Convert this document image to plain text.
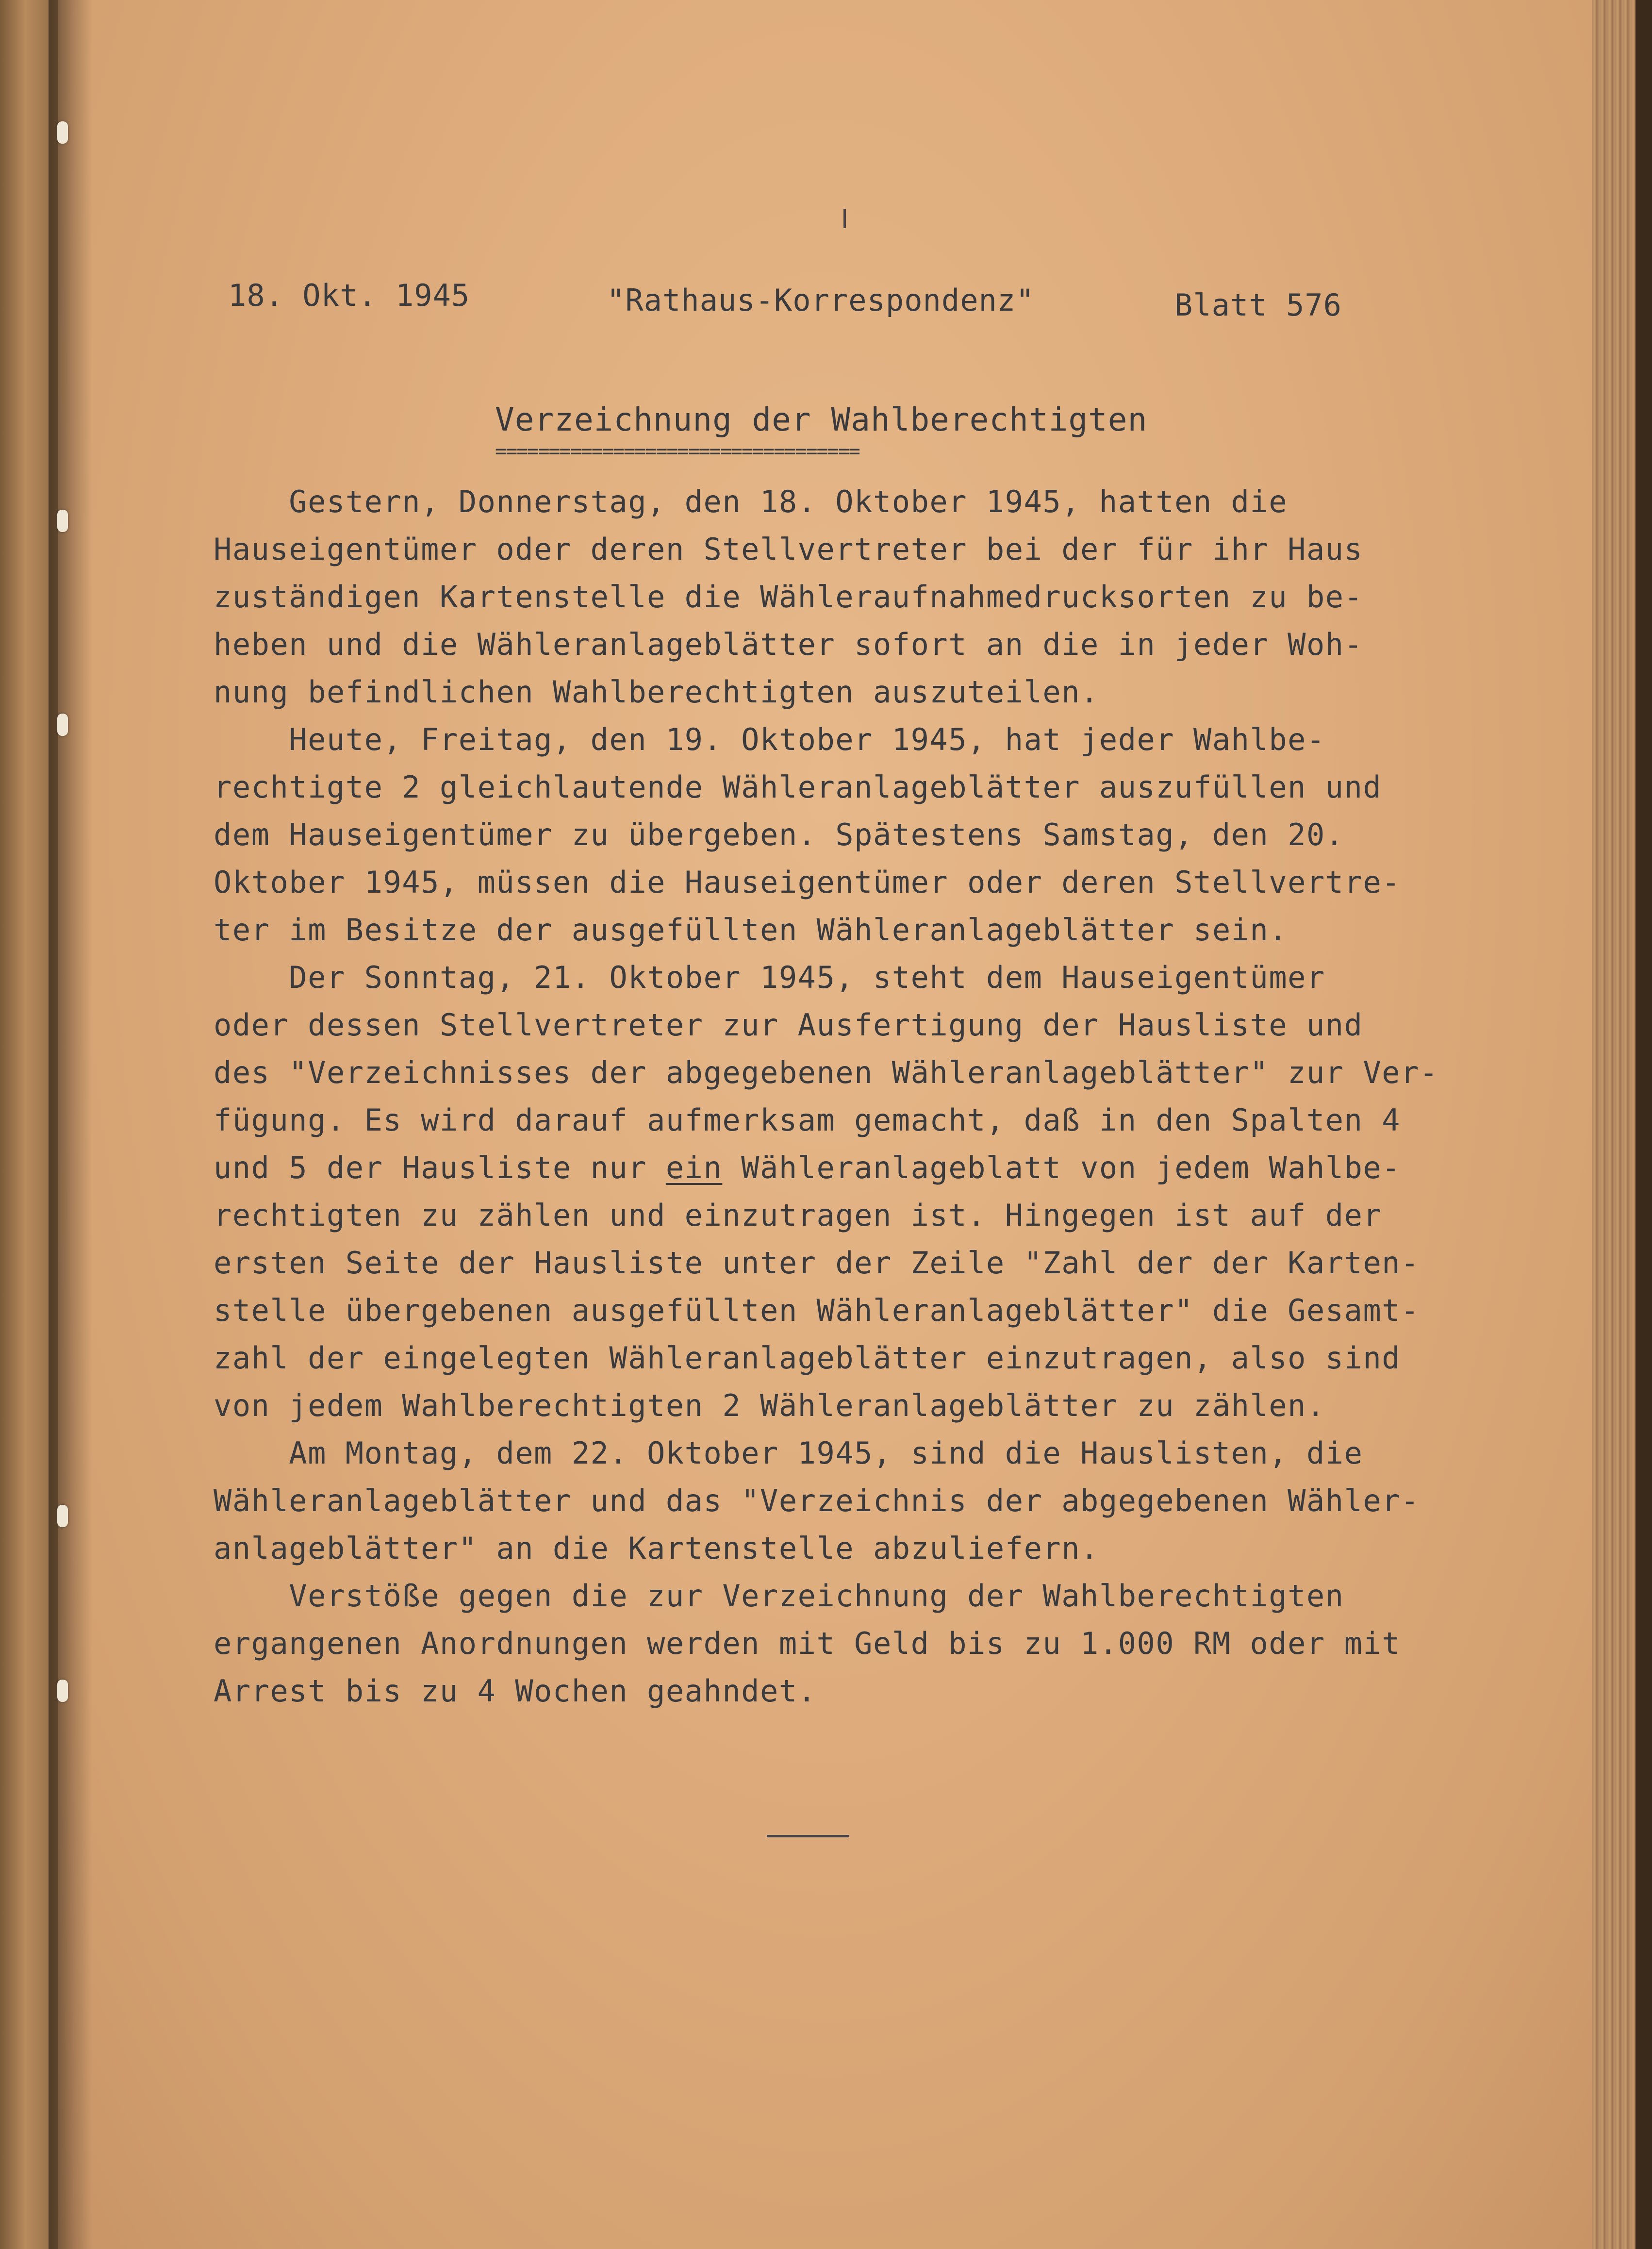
18. Okt. 1945	"Rathaus-Korrespondenz"	Blatt 576
Verzeichnung der Wahlberechtigten
==================================
Gestern, Donnerstag, den 18. Oktober 1945, hatten die
Hauseigentümer oder deren Stellvertreter bei der für ihr Haus
zuständigen Kartenstelle die Wähleraufnahmedrucksorten zu be-
heben und die Wähleranlageblätter sofort an die in jeder Woh-
nung befindlichen Wahlberechtigten auszuteilen.
Heute, Freitag, den 19. Oktober 1945, hat jeder Wahlbe-
rechtigte 2 gleichlautende Wähleranlageblätter auszufüllen und
dem Hauseigentümer zu übergeben. Spätestens Samstag, den 20.
Oktober 1945, müssen die Hauseigentümer oder deren Stellvertre-
ter im Besitze der ausgefüllten Wähleranlageblätter sein.
Der Sonntag, 21. Oktober 1945, steht dem Hauseigentümer
oder dessen Stellvertreter zur Ausfertigung der Hausliste und
des "Verzeichnisses der abgegebenen Wähleranlageblätter" zur Ver-
fügung. Es wird darauf aufmerksam gemacht, daß in den Spalten 4
und 5 der Hausliste nur ein Wähleranlageblatt von jedem Wahlbe-
rechtigten zu zählen und einzutragen ist. Hingegen ist auf der
ersten Seite der Hausliste unter der Zeile "Zahl der der Karten-
stelle übergebenen ausgefüllten Wähleranlageblätter" die Gesamt-
zahl der eingelegten Wähleranlageblätter einzutragen, also sind
von jedem Wahlberechtigten 2 Wähleranlageblätter zu zählen.
Am Montag, dem 22. Oktober 1945, sind die Hauslisten, die
Wähleranlageblätter und das "Verzeichnis der abgegebenen Wähler-
anlageblätter" an die Kartenstelle abzuliefern.
Verstöße gegen die zur Verzeichnung der Wahlberechtigten
ergangenen Anordnungen werden mit Geld bis zu 1.000 RM oder mit
Arrest bis zu 4 Wochen geahndet.
